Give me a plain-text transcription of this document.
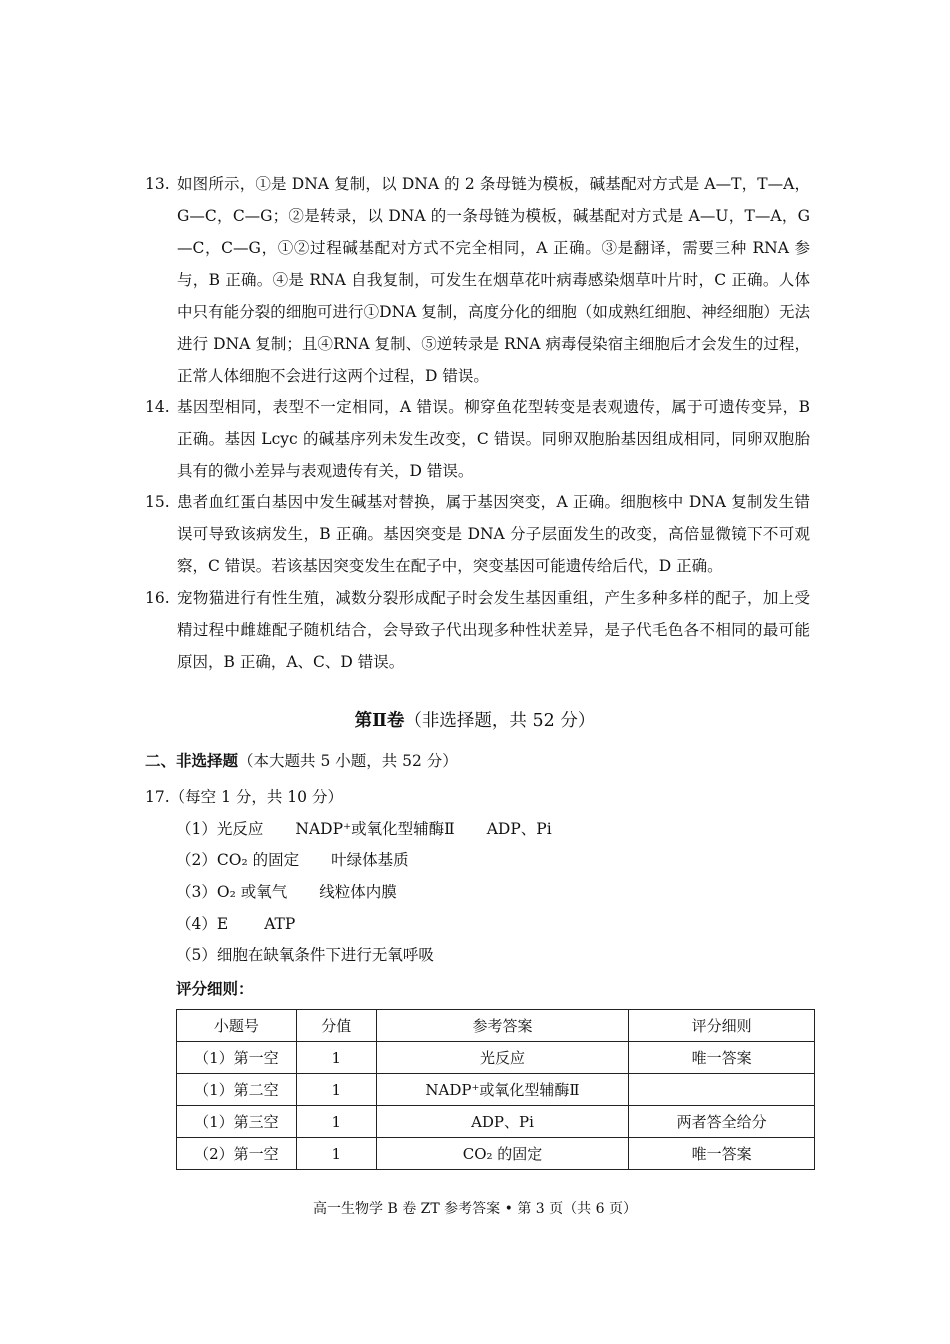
13. 如图所示，①是 DNA 复制，以 DNA 的 2 条母链为模板，碱基配对方式是 A—T，T—A，G—C，C—G；②是转录，以 DNA 的一条母链为模板，碱基配对方式是 A—U，T—A，G—C，C—G，①②过程碱基配对方式不完全相同，A 正确。③是翻译，需要三种 RNA 参与，B 正确。④是 RNA 自我复制，可发生在烟草花叶病毒感染烟草叶片时，C 正确。人体中只有能分裂的细胞可进行①DNA 复制，高度分化的细胞（如成熟红细胞、神经细胞）无法进行 DNA 复制；且④RNA 复制、⑤逆转录是 RNA 病毒侵染宿主细胞后才会发生的过程，正常人体细胞不会进行这两个过程，D 错误。
14. 基因型相同，表型不一定相同，A 错误。柳穿鱼花型转变是表观遗传，属于可遗传变异，B 正确。基因 Lcyc 的碱基序列未发生改变，C 错误。同卵双胞胎基因组成相同，同卵双胞胎具有的微小差异与表观遗传有关，D 错误。
15. 患者血红蛋白基因中发生碱基对替换，属于基因突变，A 正确。细胞核中 DNA 复制发生错误可导致该病发生，B 正确。基因突变是 DNA 分子层面发生的改变，高倍显微镜下不可观察，C 错误。若该基因突变发生在配子中，突变基因可能遗传给后代，D 正确。
16. 宠物猫进行有性生殖，减数分裂形成配子时会发生基因重组，产生多种多样的配子，加上受精过程中雌雄配子随机结合，会导致子代出现多种性状差异，是子代毛色各不相同的最可能原因，B 正确，A、C、D 错误。
第Ⅱ卷（非选择题，共 52 分）
二、非选择题（本大题共 5 小题，共 52 分）
17.（每空 1 分，共 10 分）
（1）光反应 NADP⁺或氧化型辅酶Ⅱ ADP、Pi
（2）CO₂ 的固定 叶绿体基质
（3）O₂ 或氧气 线粒体内膜
（4）E ATP
（5）细胞在缺氧条件下进行无氧呼吸
评分细则：
小题号	分值	参考答案	评分细则
（1）第一空	1	光反应	唯一答案
（1）第二空	1	NADP⁺或氧化型辅酶Ⅱ	
（1）第三空	1	ADP、Pi	两者答全给分
（2）第一空	1	CO₂ 的固定	唯一答案
高一生物学 B 卷 ZT 参考答案 • 第 3 页（共 6 页）
